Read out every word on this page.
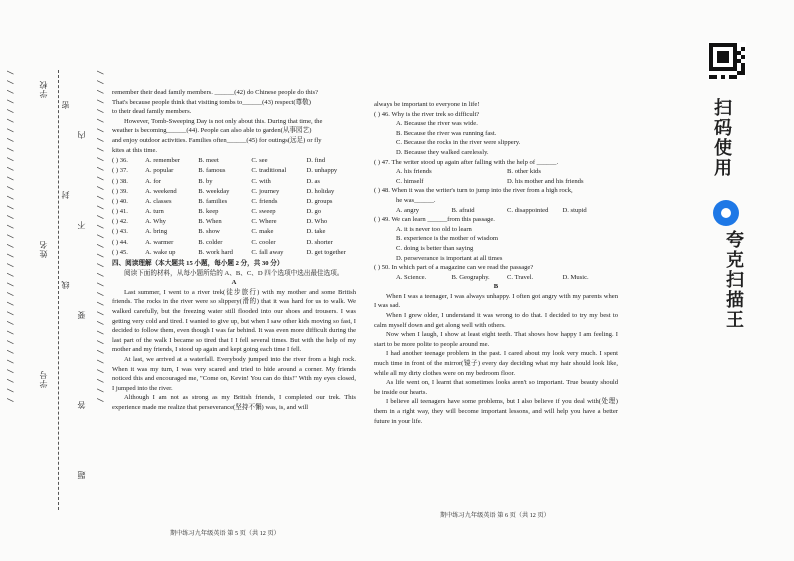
/ / / / / / / / / / / / / / / / / / / / / / / / / / / / / / / / / / /	学校
姓名
学号
密
封
线
内
不
要
答
题
/ / / / / / / / / / / / / / / / / / / / / / / / / / / / / / / / / / / remember their dead family members. ______(42) do Chinese people do this?
That's because people think that visiting tombs to______(43) respect(尊敬)
to their dead family members.
However, Tomb-Sweeping Day is not only about this. During that time, the
weather is becoming______(44). People can also able to garden(从事园艺)
and enjoy outdoor activities. Families often______(45) for outings(远足) or fly
kites at this time.
( ) 36.	A. remember	B. meet	C. see	D. find
( ) 37.	A. popular	B. famous	C. traditional	D. unhappy
( ) 38.	A. for	B. by	C. with	D. as
( ) 39.	A. weekend	B. weekday	C. journey	D. holiday
( ) 40.	A. classes	B. families	C. friends	D. groups
( ) 41.	A. turn	B. keep	C. sweep	D. go
( ) 42.	A. Why	B. When	C. Where	D. Who
( ) 43.	A. bring	B. show	C. make	D. take
( ) 44.	A. warmer	B. colder	C. cooler	D. shorter
( ) 45.	A. wake up	B. work hard	C. fall away	D. get together

四、阅读理解（本大题共 15 小题，每小题 2 分，共 30 分）

阅读下面的材料，从每小题所给的 A、B、C、D 四个选项中选出最佳选项。

A

Last summer, I went to a river trek(徒步旅行) with my mother and some British friends. The rocks in the river were so slippery(滑的) that it was hard for us to walk. We walked carefully, but the freezing water still flooded into our shoes and trousers. I was getting very cold and tired. I wanted to give up, but when I saw other kids moving so fast, I decided to follow them, even though I was far behind. It was even more difficult during the last part of the walk I became so tired that I I fell several times. But with the help of my mother and my friends, I stood up again and kept going each time I fell.

At last, we arrived at a waterfall. Everybody jumped into the river from a high rock. When it was my turn, I was very scared and tried to hide around a corner. My friends noticed this and encouraged me, "Come on, Kevin! You can do this!" With my eyes closed, I jumped into the river.

Although I am not as strong as my British friends, I completed our trek. This experience made me realize that perseverance(坚持不懈) was, is, and will

期中练习九年级英语 第 5 页（共 12 页）
always be important to everyone in life!
( ) 46. Why is the river trek so difficult?
A. Because the river was wide.
B. Because the river was running fast.
C. Because the rocks in the river were slippery.
D. Because they walked carelessly.
( ) 47. The writer stood up again after falling with the help of ______.
A. his friends	B. other kids
C. himself	D. his mother and his friends
( ) 48. When it was the writer's turn to jump into the river from a high rock,
he was______.
A. angry	B. afraid	C. disappointed	D. stupid
( ) 49. We can learn ______from this passage.
A. it is never too old to learn
B. experience is the mother of wisdom
C. doing is better than saying
D. perseverance is important at all times
( ) 50. In which part of a magazine can we read the passage?
A. Science.	B. Geography.	C. Travel.	D. Music.

B

When I was a teenager, I was always unhappy. I often got angry with my parents when I was sad.

When I grew older, I understand it was wrong to do that. I decided to try my best to calm myself down and get along well with others.

Now when I laugh, I show at least eight teeth. That shows how happy I am feeling. I start to be more polite to people around me.

I had another teenage problem in the past. I cared about my look very much. I spent much time in front of the mirror(镜子) every day deciding what my hair should look like, while all my dirty clothes were on my bedroom floor.

As life went on, I learnt that sometimes looks aren't so important. True beauty should be inside our hearts.

I believe all teenagers have some problems, but I also believe if you deal with(处理) them in a right way, they will become important lessons, and will help you have a better future in your life.

期中练习九年级英语 第 6 页（共 12 页）
扫码使用
夸克扫描王
